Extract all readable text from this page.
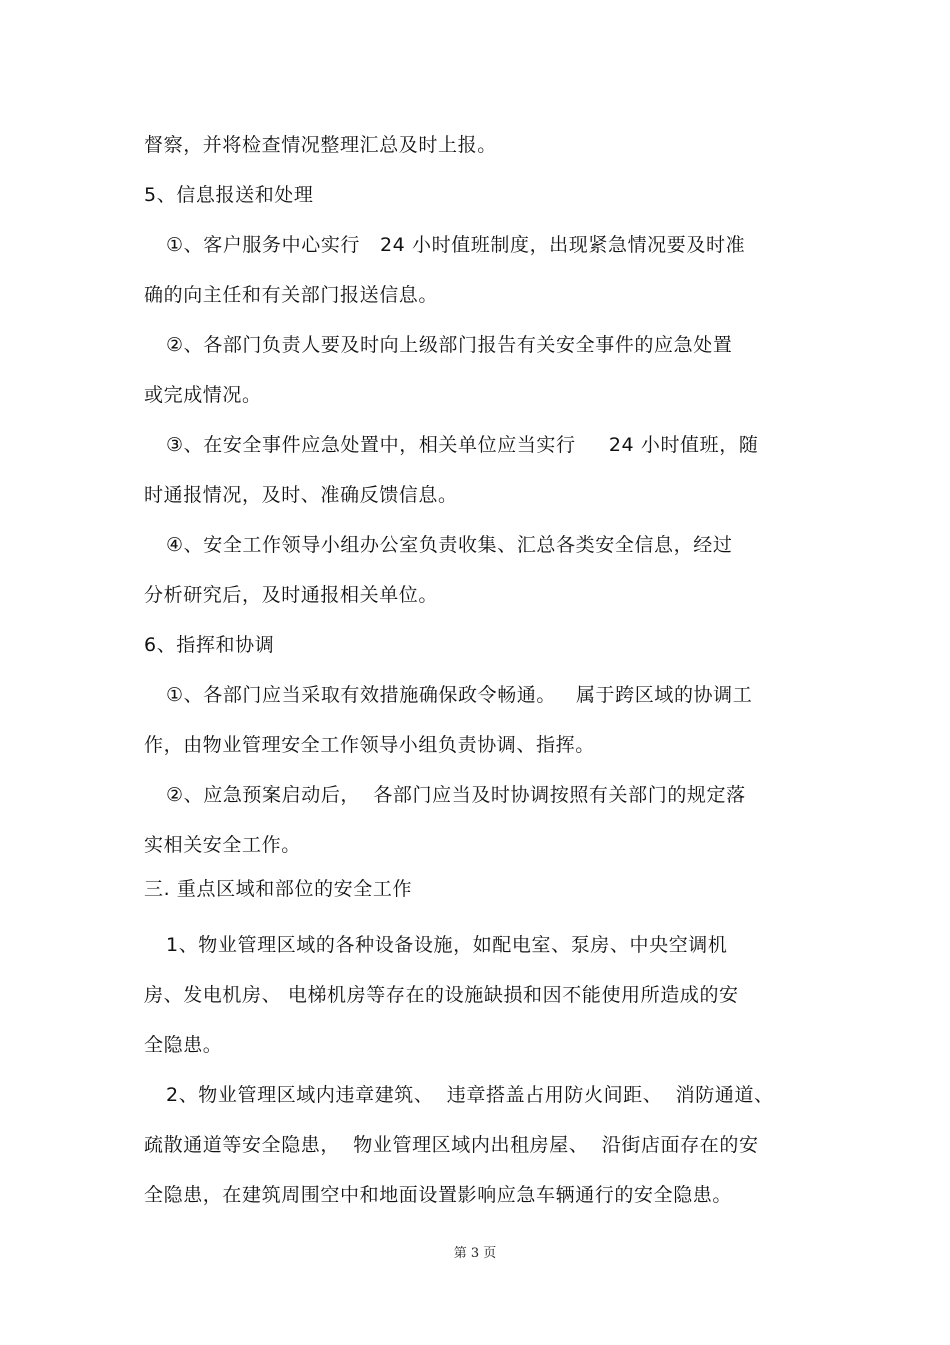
督察，并将检查情况整理汇总及时上报。
5、信息报送和处理
①、客户服务中心实行   24 小时值班制度，出现紧急情况要及时准
确的向主任和有关部门报送信息。
②、各部门负责人要及时向上级部门报告有关安全事件的应急处置
或完成情况。
③、在安全事件应急处置中，相关单位应当实行     24 小时值班，随
时通报情况，及时、准确反馈信息。
④、安全工作领导小组办公室负责收集、汇总各类安全信息，经过
分析研究后，及时通报相关单位。
6、指挥和协调
①、各部门应当采取有效措施确保政令畅通。   属于跨区域的协调工
作，由物业管理安全工作领导小组负责协调、指挥。
②、应急预案启动后，  各部门应当及时协调按照有关部门的规定落
实相关安全工作。
三. 重点区域和部位的安全工作
1、物业管理区域的各种设备设施，如配电室、泵房、中央空调机
房、发电机房、 电梯机房等存在的设施缺损和因不能使用所造成的安
全隐患。
2、物业管理区域内违章建筑、  违章搭盖占用防火间距、  消防通道、
疏散通道等安全隐患，  物业管理区域内出租房屋、  沿街店面存在的安
全隐患，在建筑周围空中和地面设置影响应急车辆通行的安全隐患。
第 3 页
